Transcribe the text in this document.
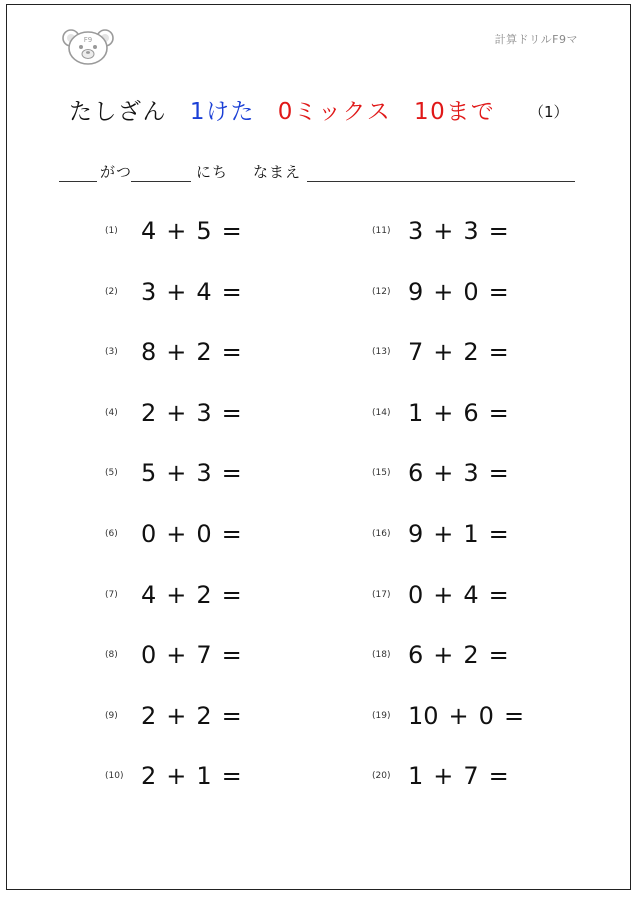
F9	計算ドリルF9マ
たしざん 1けた 0ミックス 10まで	（1）
がつ	にち なまえ
(1) 4 + 5 =
(2) 3 + 4 =
(3) 8 + 2 =
(4) 2 + 3 =
(5) 5 + 3 =
(6) 0 + 0 =
(7) 4 + 2 =
(8) 0 + 7 =
(9) 2 + 2 =
(10) 2 + 1 =
(11) 3 + 3 =
(12) 9 + 0 =
(13) 7 + 2 =
(14) 1 + 6 =
(15) 6 + 3 =
(16) 9 + 1 =
(17) 0 + 4 =
(18) 6 + 2 =
(19) 10 + 0 =
(20) 1 + 7 =
